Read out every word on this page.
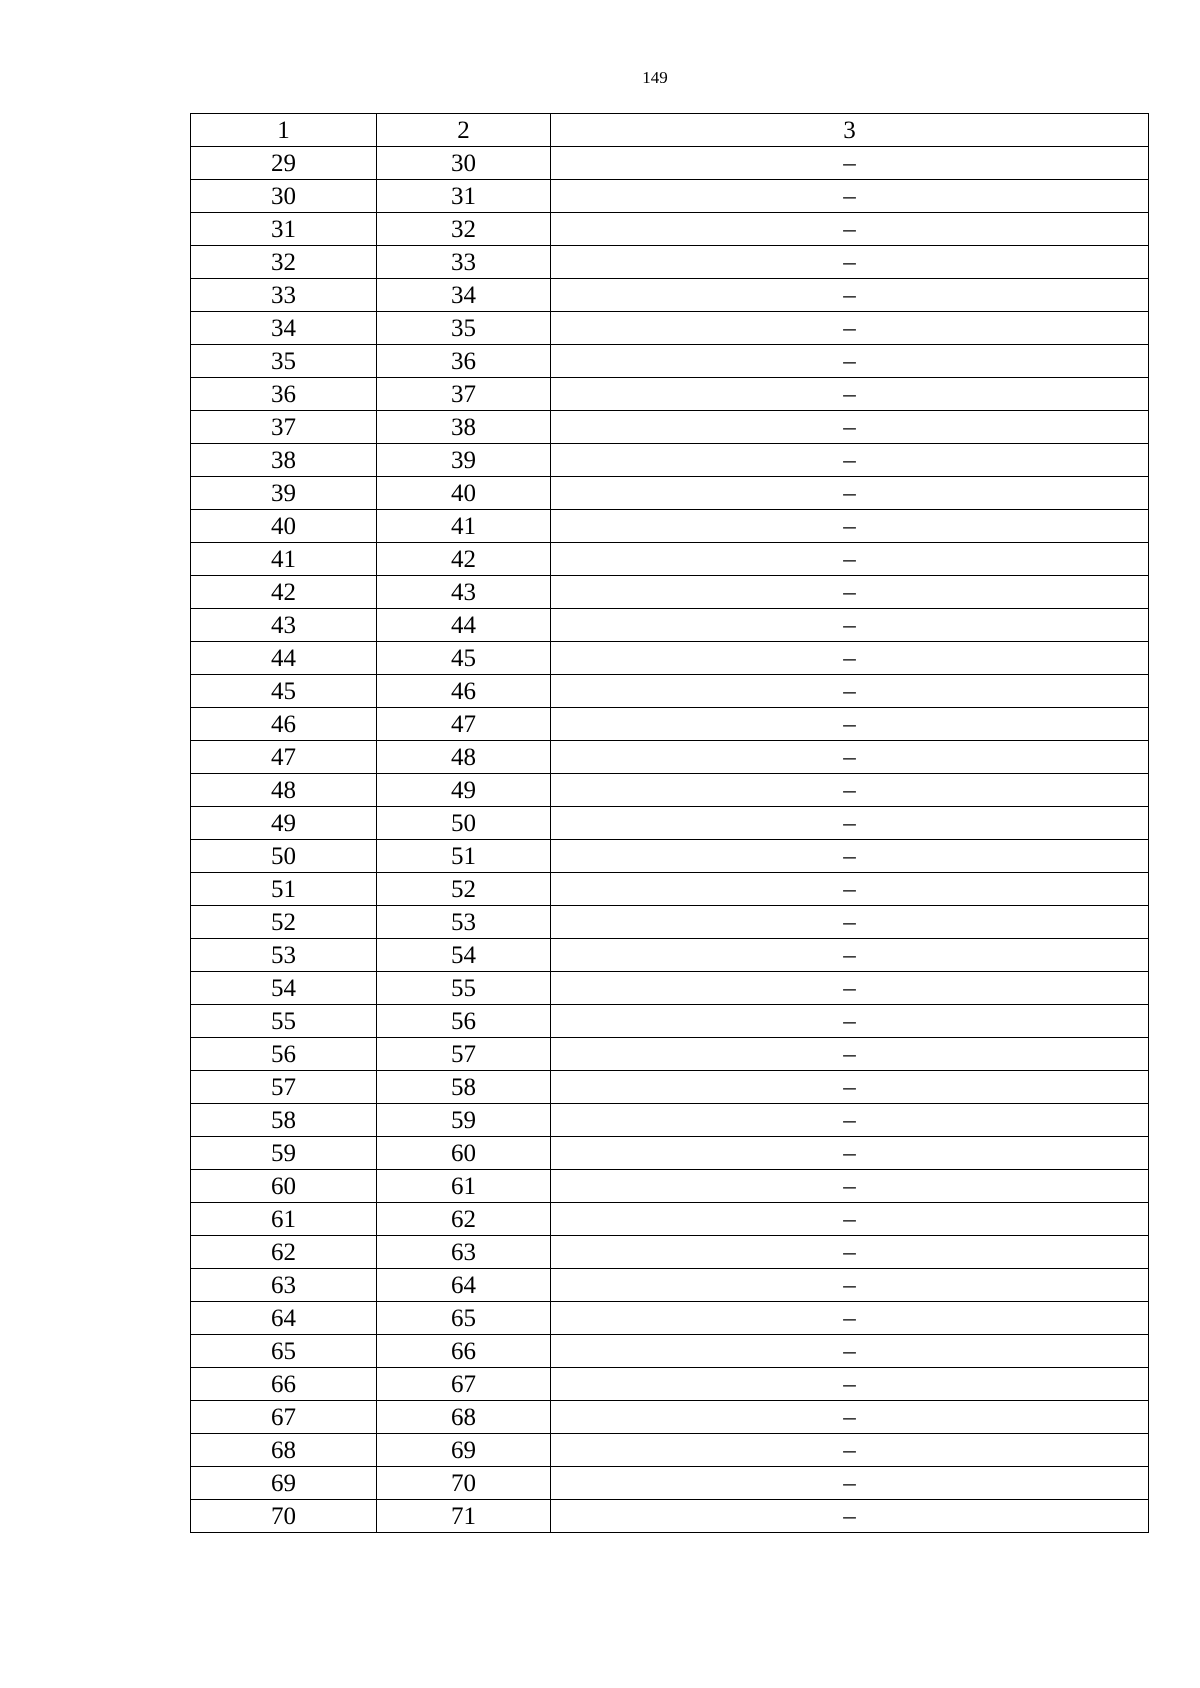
149
1	2	3
29	30	–
30	31	–
31	32	–
32	33	–
33	34	–
34	35	–
35	36	–
36	37	–
37	38	–
38	39	–
39	40	–
40	41	–
41	42	–
42	43	–
43	44	–
44	45	–
45	46	–
46	47	–
47	48	–
48	49	–
49	50	–
50	51	–
51	52	–
52	53	–
53	54	–
54	55	–
55	56	–
56	57	–
57	58	–
58	59	–
59	60	–
60	61	–
61	62	–
62	63	–
63	64	–
64	65	–
65	66	–
66	67	–
67	68	–
68	69	–
69	70	–
70	71	–
